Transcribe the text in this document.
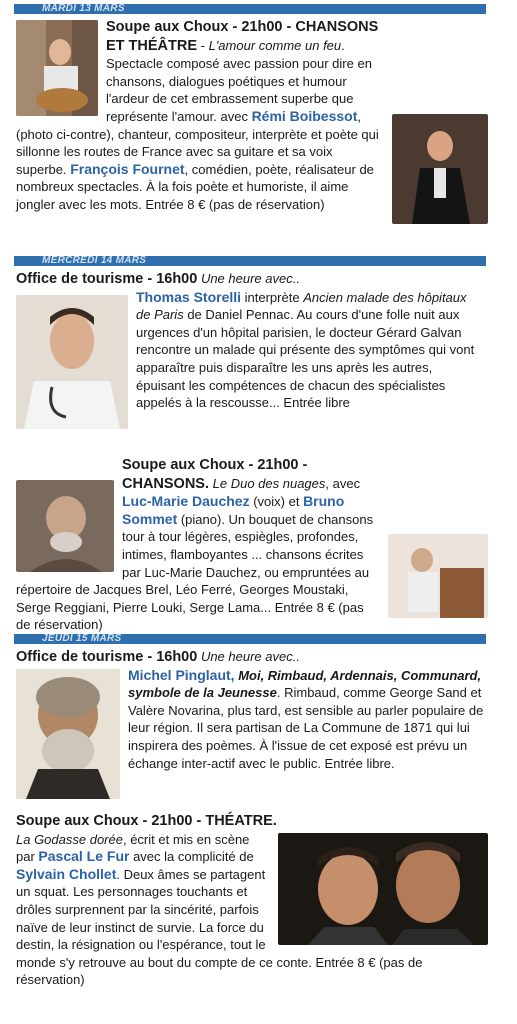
MARDI 13 MARS
Soupe aux Choux - 21h00 - CHANSONS ET THÉÂTRE - L'amour comme un feu. Spectacle composé avec passion pour dire en chansons, dialogues poétiques et humour l'ardeur de cet embrassement superbe que représente l'amour. avec Rémi Boibessot, (photo ci-contre), chanteur, compositeur, interprète et poète qui sillonne les routes de France avec sa guitare et sa voix superbe. François Fournet, comédien, poète, réalisateur de nombreux spectacles. À la fois poète et humoriste, il aime jongler avec les mots. Entrée 8 € (pas de réservation)
MERCREDI 14 MARS
Office de tourisme - 16h00 Une heure avec..
Thomas Storelli interprète Ancien malade des hôpitaux de Paris de Daniel Pennac. Au cours d'une folle nuit aux urgences d'un hôpital parisien, le docteur Gérard Galvan rencontre un malade qui présente des symptômes qui vont apparaître puis disparaître les uns après les autres, épuisant les compétences de chacun des spécialistes appelés à la rescousse... Entrée libre
Soupe aux Choux - 21h00 - CHANSONS. Le Duo des nuages, avec Luc-Marie Dauchez (voix) et Bruno Sommet (piano). Un bouquet de chansons tour à tour légères, espiègles, profondes, intimes, flamboyantes ... chansons écrites par Luc-Marie Dauchez, ou empruntées au répertoire de Jacques Brel, Léo Ferré, Georges Moustaki, Serge Reggiani, Pierre Louki, Serge Lama... Entrée 8 € (pas de réservation)
JEUDI 15 MARS
Office de tourisme - 16h00 Une heure avec..
Michel Pinglaut, Moi, Rimbaud, Ardennais, Communard, symbole de la Jeunesse. Rimbaud, comme George Sand et Valère Novarina, plus tard, est sensible au parler populaire de leur région. Il sera partisan de La Commune de 1871 qui lui inspirera des poèmes. À l'issue de cet exposé est prévu un échange inter-actif avec le public. Entrée libre.
Soupe aux Choux - 21h00 - THÉATRE.
La Godasse dorée, écrit et mis en scène par Pascal Le Fur avec la complicité de Sylvain Chollet. Deux âmes se partagent un squat. Les personnages touchants et drôles surprennent par la sincérité, parfois naïve de leur instinct de survie. La force du destin, la résignation ou l'espérance, tout le monde s'y retrouve au bout du compte de ce conte. Entrée 8 € (pas de réservation)
